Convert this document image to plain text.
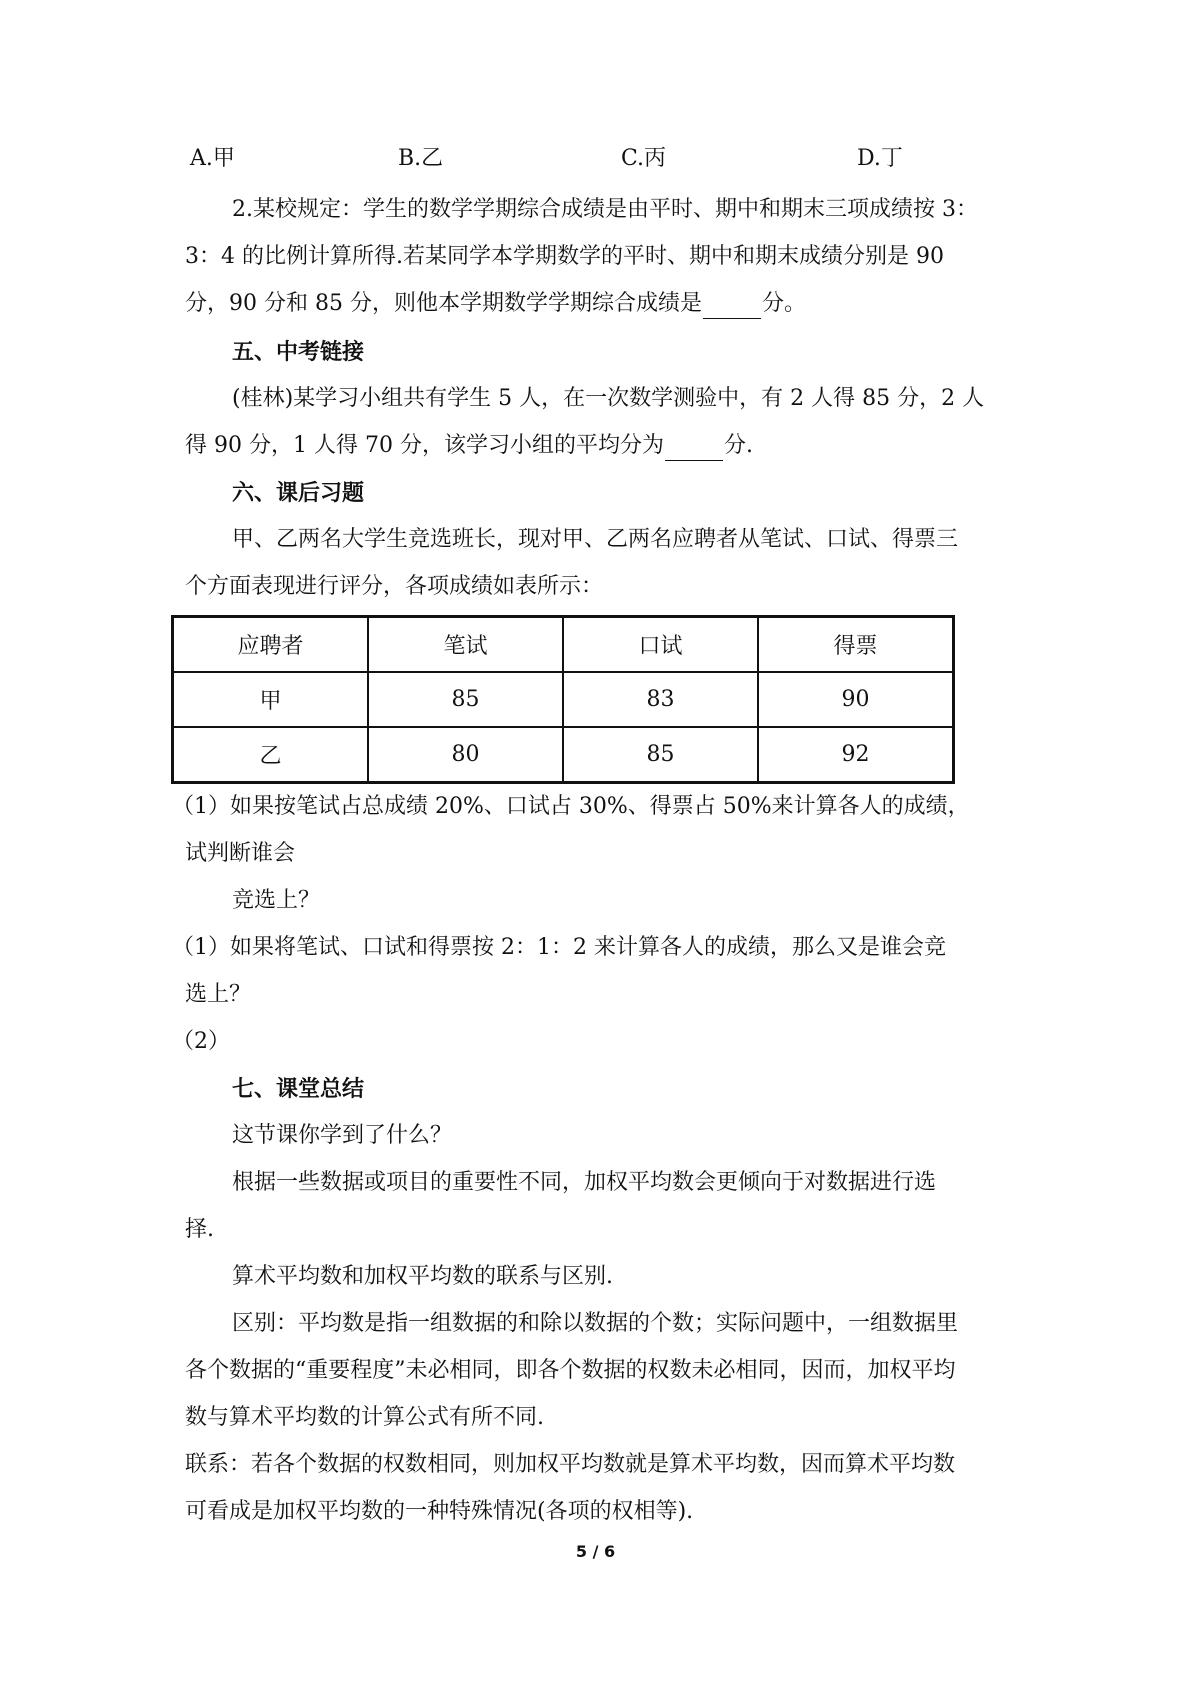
A.甲	B.乙	C.丙	D.丁
2.某校规定：学生的数学学期综合成绩是由平时、期中和期末三项成绩按 3：
3：4 的比例计算所得.若某同学本学期数学的平时、期中和期末成绩分别是 90
分，90 分和 85 分，则他本学期数学学期综合成绩是	分。
五、中考链接
(桂林)某学习小组共有学生 5 人，在一次数学测验中，有 2 人得 85 分，2 人
得 90 分，1 人得 70 分，该学习小组的平均分为	分.
六、课后习题
甲、乙两名大学生竞选班长，现对甲、乙两名应聘者从笔试、口试、得票三
个方面表现进行评分，各项成绩如表所示：
应聘者	笔试	口试	得票
甲	85	83	90
乙	80	85	92
（1）如果按笔试占总成绩 20%、口试占 30%、得票占 50%来计算各人的成绩，
试判断谁会
竞选上？
（1）如果将笔试、口试和得票按 2：1：2 来计算各人的成绩，那么又是谁会竞
选上？
（2）
七、课堂总结
这节课你学到了什么？
根据一些数据或项目的重要性不同，加权平均数会更倾向于对数据进行选
择.
算术平均数和加权平均数的联系与区别.
区别：平均数是指一组数据的和除以数据的个数；实际问题中，一组数据里
各个数据的“重要程度”未必相同，即各个数据的权数未必相同，因而，加权平均
数与算术平均数的计算公式有所不同.
联系：若各个数据的权数相同，则加权平均数就是算术平均数，因而算术平均数
可看成是加权平均数的一种特殊情况(各项的权相等).
5 / 6
